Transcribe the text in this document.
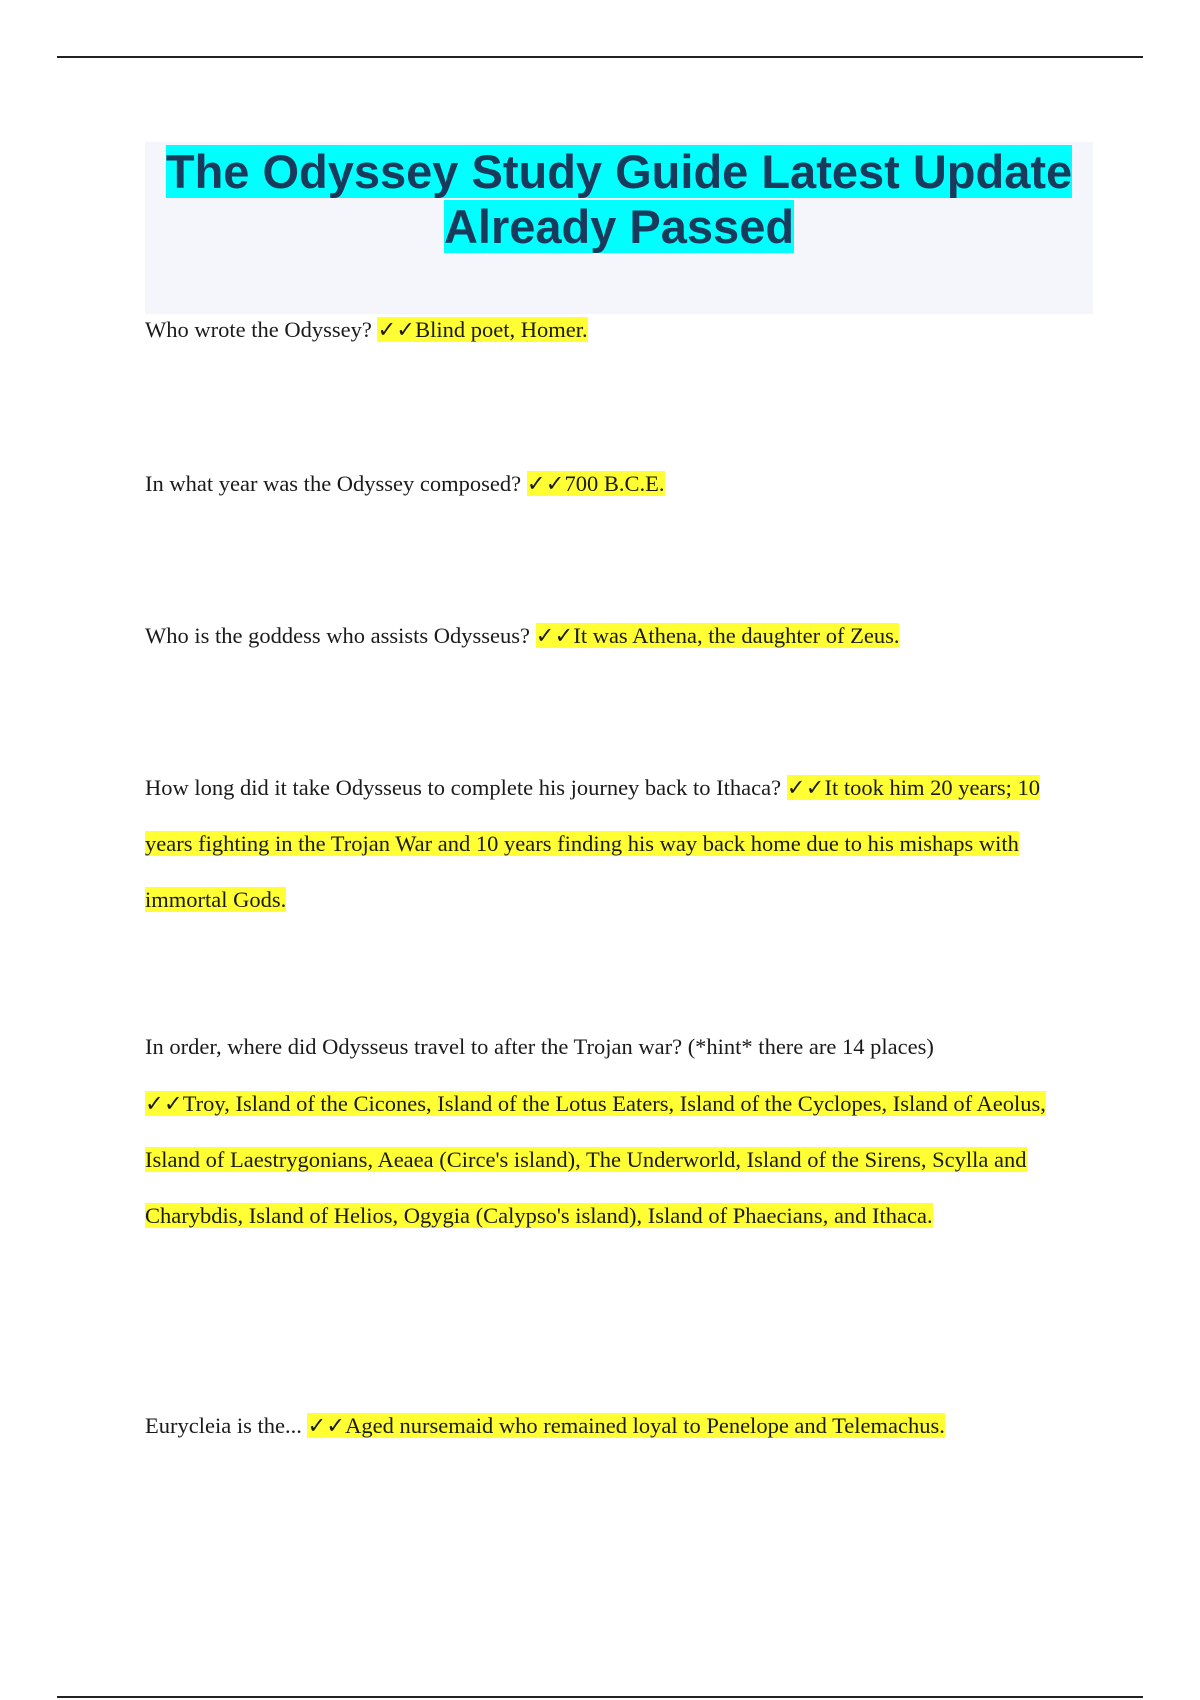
The Odyssey Study Guide Latest Update Already Passed

Who wrote the Odyssey? ✓✓Blind poet, Homer.

In what year was the Odyssey composed? ✓✓700 B.C.E.

Who is the goddess who assists Odysseus? ✓✓It was Athena, the daughter of Zeus.

How long did it take Odysseus to complete his journey back to Ithaca? ✓✓It took him 20 years; 10 years fighting in the Trojan War and 10 years finding his way back home due to his mishaps with immortal Gods.

In order, where did Odysseus travel to after the Trojan war? (*hint* there are 14 places)
✓✓Troy, Island of the Cicones, Island of the Lotus Eaters, Island of the Cyclopes, Island of Aeolus, Island of Laestrygonians, Aeaea (Circe's island), The Underworld, Island of the Sirens, Scylla and Charybdis, Island of Helios, Ogygia (Calypso's island), Island of Phaecians, and Ithaca.

Eurycleia is the... ✓✓Aged nursemaid who remained loyal to Penelope and Telemachus.
